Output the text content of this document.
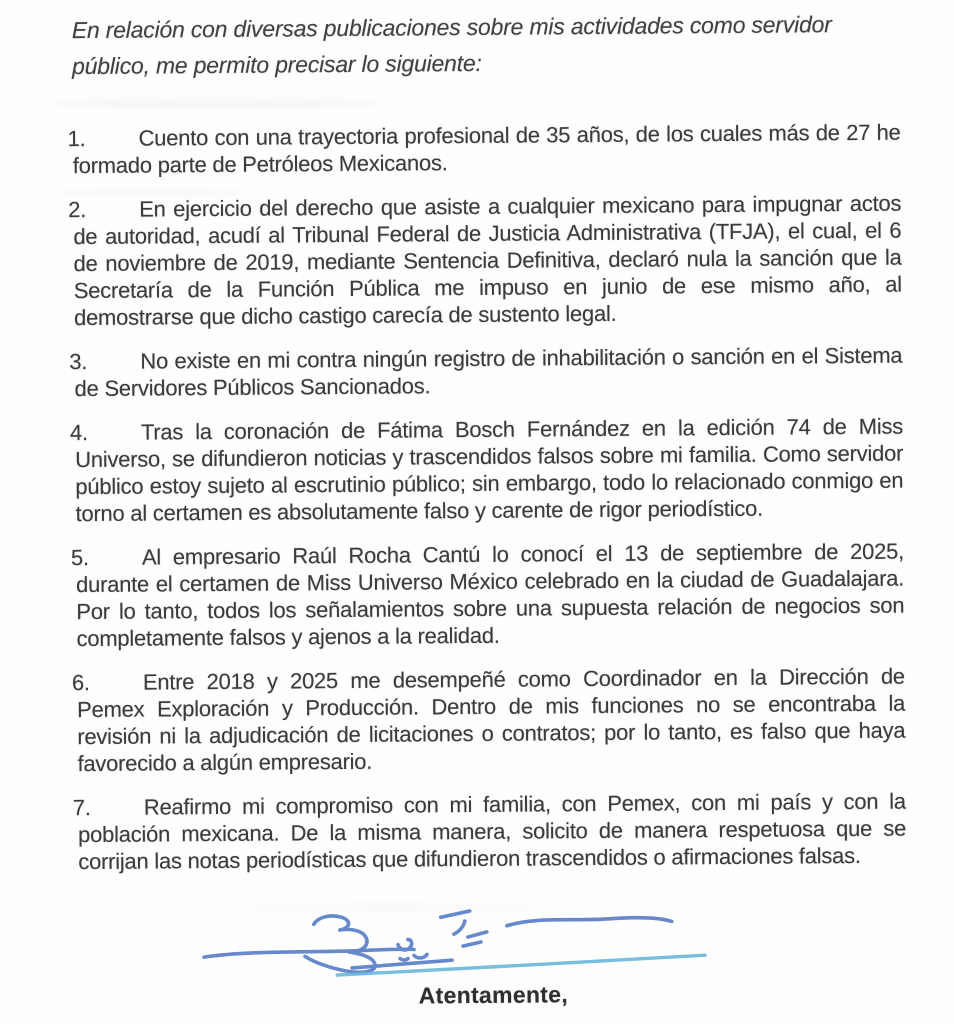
En relación con diversas publicaciones sobre mis actividades como servidor público, me permito precisar lo siguiente:

1. Cuento con una trayectoria profesional de 35 años, de los cuales más de 27 he formado parte de Petróleos Mexicanos.

2. En ejercicio del derecho que asiste a cualquier mexicano para impugnar actos de autoridad, acudí al Tribunal Federal de Justicia Administrativa (TFJA), el cual, el 6 de noviembre de 2019, mediante Sentencia Definitiva, declaró nula la sanción que la Secretaría de la Función Pública me impuso en junio de ese mismo año, al demostrarse que dicho castigo carecía de sustento legal.

3. No existe en mi contra ningún registro de inhabilitación o sanción en el Sistema de Servidores Públicos Sancionados.

4. Tras la coronación de Fátima Bosch Fernández en la edición 74 de Miss Universo, se difundieron noticias y trascendidos falsos sobre mi familia. Como servidor público estoy sujeto al escrutinio público; sin embargo, todo lo relacionado conmigo en torno al certamen es absolutamente falso y carente de rigor periodístico.

5. Al empresario Raúl Rocha Cantú lo conocí el 13 de septiembre de 2025, durante el certamen de Miss Universo México celebrado en la ciudad de Guadalajara. Por lo tanto, todos los señalamientos sobre una supuesta relación de negocios son completamente falsos y ajenos a la realidad.

6. Entre 2018 y 2025 me desempeñé como Coordinador en la Dirección de Pemex Exploración y Producción. Dentro de mis funciones no se encontraba la revisión ni la adjudicación de licitaciones o contratos; por lo tanto, es falso que haya favorecido a algún empresario.

7. Reafirmo mi compromiso con mi familia, con Pemex, con mi país y con la población mexicana. De la misma manera, solicito de manera respetuosa que se corrijan las notas periodísticas que difundieron trascendidos o afirmaciones falsas.

Atentamente,
